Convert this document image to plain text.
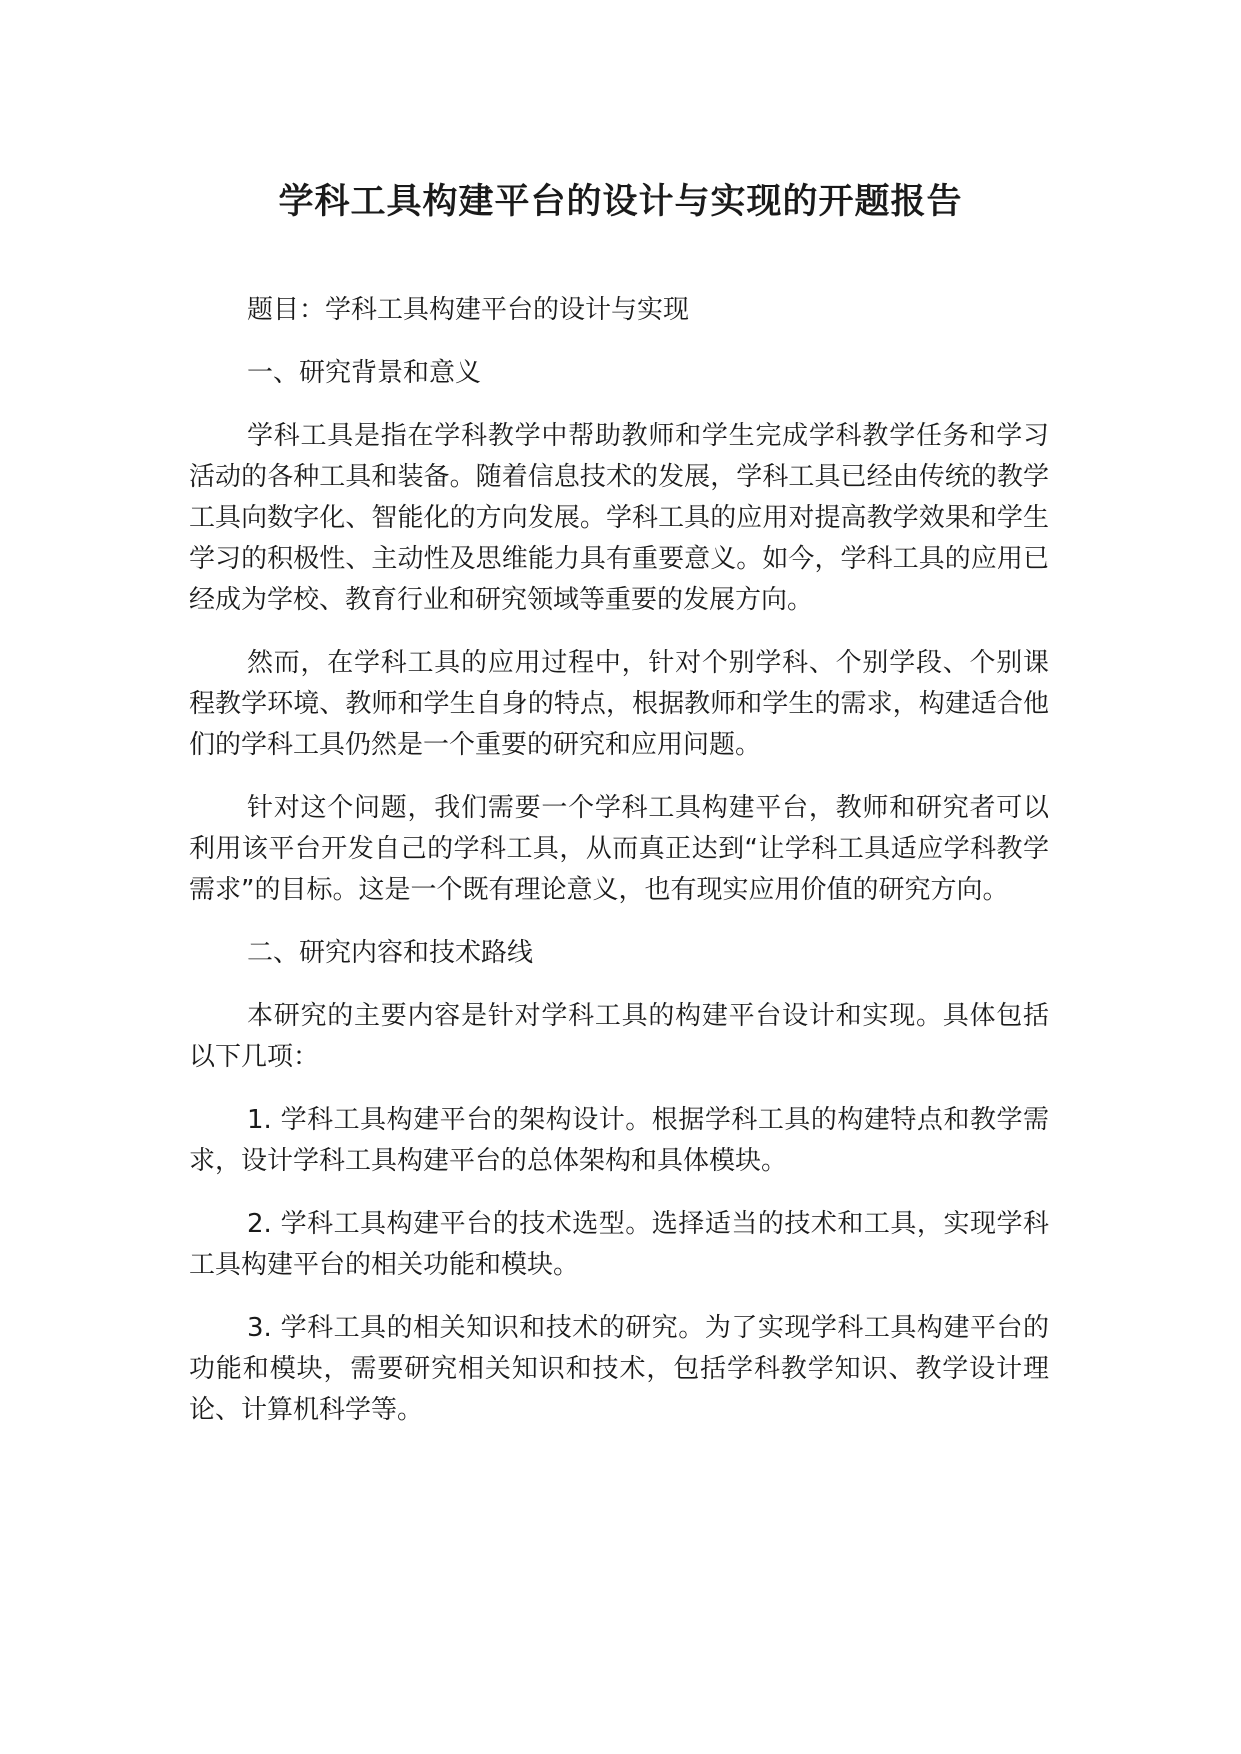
学科工具构建平台的设计与实现的开题报告

题目：学科工具构建平台的设计与实现

一、研究背景和意义

学科工具是指在学科教学中帮助教师和学生完成学科教学任务和学习活动的各种工具和装备。随着信息技术的发展，学科工具已经由传统的教学工具向数字化、智能化的方向发展。学科工具的应用对提高教学效果和学生学习的积极性、主动性及思维能力具有重要意义。如今，学科工具的应用已经成为学校、教育行业和研究领域等重要的发展方向。

然而，在学科工具的应用过程中，针对个别学科、个别学段、个别课程教学环境、教师和学生自身的特点，根据教师和学生的需求，构建适合他们的学科工具仍然是一个重要的研究和应用问题。

针对这个问题，我们需要一个学科工具构建平台，教师和研究者可以利用该平台开发自己的学科工具，从而真正达到“让学科工具适应学科教学需求”的目标。这是一个既有理论意义，也有现实应用价值的研究方向。

二、研究内容和技术路线

本研究的主要内容是针对学科工具的构建平台设计和实现。具体包括以下几项：

1. 学科工具构建平台的架构设计。根据学科工具的构建特点和教学需求，设计学科工具构建平台的总体架构和具体模块。

2. 学科工具构建平台的技术选型。选择适当的技术和工具，实现学科工具构建平台的相关功能和模块。

3. 学科工具的相关知识和技术的研究。为了实现学科工具构建平台的功能和模块，需要研究相关知识和技术，包括学科教学知识、教学设计理论、计算机科学等。
